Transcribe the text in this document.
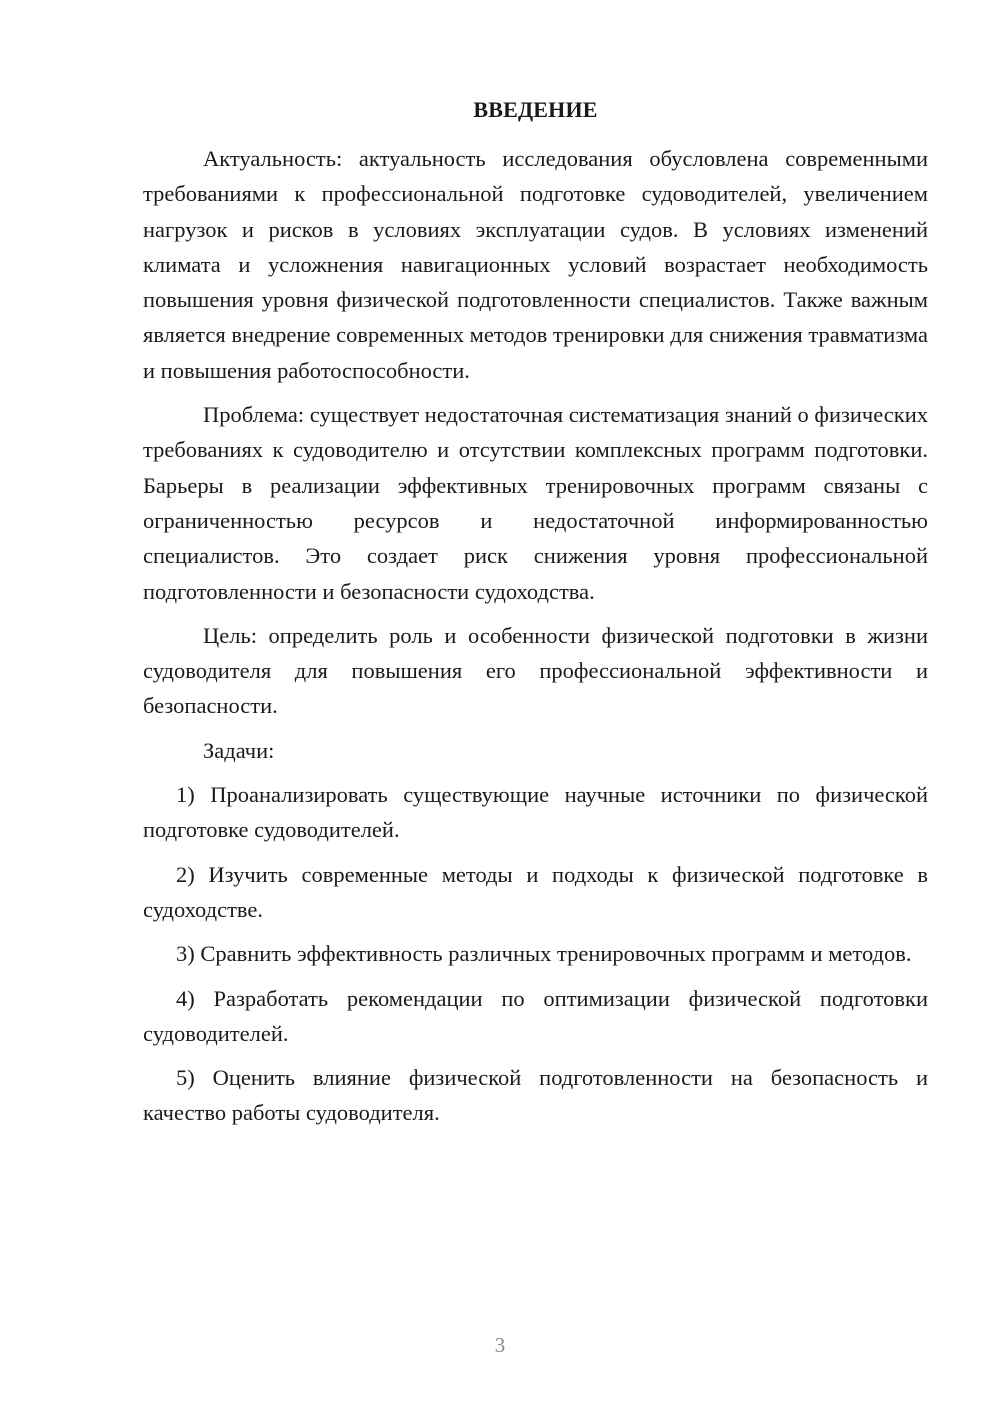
ВВЕДЕНИЕ

Актуальность: актуальность исследования обусловлена современными требованиями к профессиональной подготовке судоводителей, увеличением нагрузок и рисков в условиях эксплуатации судов. В условиях изменений климата и усложнения навигационных условий возрастает необходимость повышения уровня физической подготовленности специалистов. Также важным является внедрение современных методов тренировки для снижения травматизма и повышения работоспособности.

Проблема: существует недостаточная систематизация знаний о физических требованиях к судоводителю и отсутствии комплексных программ подготовки. Барьеры в реализации эффективных тренировочных программ связаны с ограниченностью ресурсов и недостаточной информированностью специалистов. Это создает риск снижения уровня профессиональной подготовленности и безопасности судоходства.

Цель: определить роль и особенности физической подготовки в жизни судоводителя для повышения его профессиональной эффективности и безопасности.

Задачи:

1) Проанализировать существующие научные источники по физической подготовке судоводителей.

2) Изучить современные методы и подходы к физической подготовке в судоходстве.

3) Сравнить эффективность различных тренировочных программ и методов.

4) Разработать рекомендации по оптимизации физической подготовки судоводителей.

5) Оценить влияние физической подготовленности на безопасность и качество работы судоводителя.

3
